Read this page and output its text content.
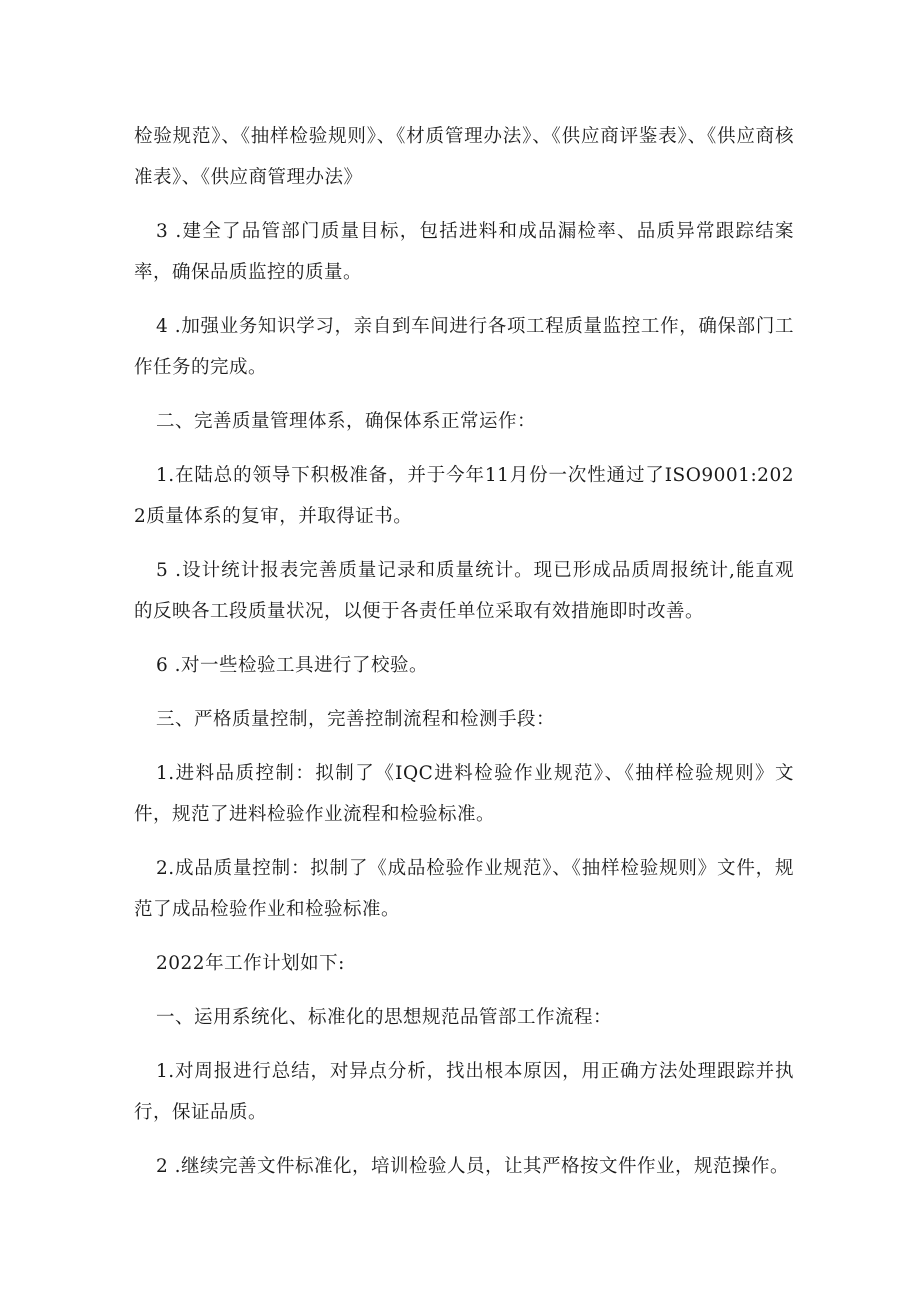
检验规范》、《抽样检验规则》、《材质管理办法》、《供应商评鉴表》、《供应商核准表》、《供应商管理办法》

3 .建全了品管部门质量目标，包括进料和成品漏检率、品质异常跟踪结案率，确保品质监控的质量。

4 .加强业务知识学习，亲自到车间进行各项工程质量监控工作，确保部门工作任务的完成。

二、完善质量管理体系，确保体系正常运作：

1.在陆总的领导下积极准备，并于今年11月份一次性通过了ISO9001:2022质量体系的复审，并取得证书。

5 .设计统计报表完善质量记录和质量统计。现已形成品质周报统计,能直观的反映各工段质量状况，以便于各责任单位采取有效措施即时改善。

6 .对一些检验工具进行了校验。

三、严格质量控制，完善控制流程和检测手段：

1.进料品质控制：拟制了《IQC进料检验作业规范》、《抽样检验规则》文件，规范了进料检验作业流程和检验标准。

2.成品质量控制：拟制了《成品检验作业规范》、《抽样检验规则》文件，规范了成品检验作业和检验标准。

2022年工作计划如下:

一、运用系统化、标准化的思想规范品管部工作流程：

1.对周报进行总结，对异点分析，找出根本原因，用正确方法处理跟踪并执行，保证品质。

2 .继续完善文件标准化，培训检验人员，让其严格按文件作业，规范操作。
